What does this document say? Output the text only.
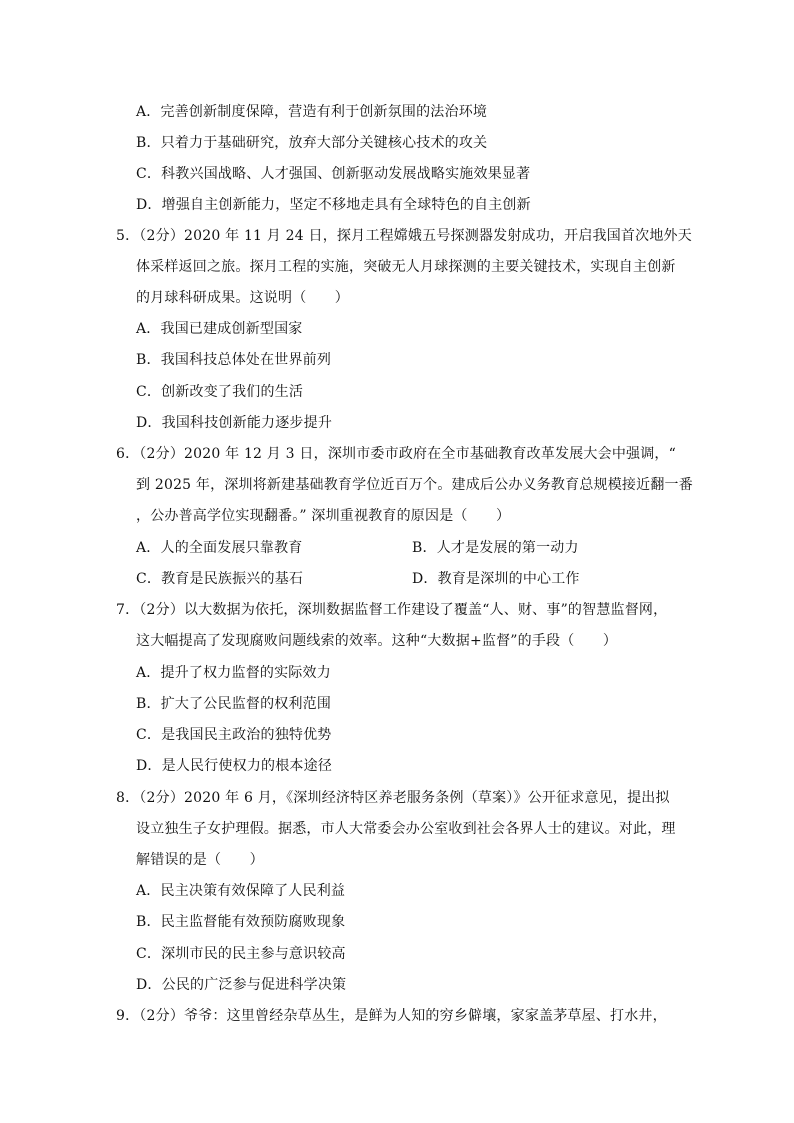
A．完善创新制度保障，营造有利于创新氛围的法治环境
B．只着力于基础研究，放弃大部分关键核心技术的攻关
C．科教兴国战略、人才强国、创新驱动发展战略实施效果显著
D．增强自主创新能力，坚定不移地走具有全球特色的自主创新
5．（2分）2020 年 11 月 24 日，探月工程嫦娥五号探测器发射成功，开启我国首次地外天
体采样返回之旅。探月工程的实施，突破无人月球探测的主要关键技术，实现自主创新
的月球科研成果。这说明（　　）
A．我国已建成创新型国家
B．我国科技总体处在世界前列
C．创新改变了我们的生活
D．我国科技创新能力逐步提升
6．（2分）2020 年 12 月 3 日，深圳市委市政府在全市基础教育改革发展大会中强调，“
到 2025 年，深圳将新建基础教育学位近百万个。建成后公办义务教育总规模接近翻一番
，公办普高学位实现翻番。” 深圳重视教育的原因是（　　）
A．人的全面发展只靠教育	B．人才是发展的第一动力
C．教育是民族振兴的基石	D．教育是深圳的中心工作
7．（2分）以大数据为依托，深圳数据监督工作建设了覆盖“人、财、事”的智慧监督网，
这大幅提高了发现腐败问题线索的效率。这种“大数据+监督”的手段（　　）
A．提升了权力监督的实际效力
B．扩大了公民监督的权利范围
C．是我国民主政治的独特优势
D．是人民行使权力的根本途径
8．（2分）2020 年 6 月，《深圳经济特区养老服务条例（草案）》公开征求意见，提出拟
设立独生子女护理假。据悉，市人大常委会办公室收到社会各界人士的建议。对此，理
解错误的是（　　）
A．民主决策有效保障了人民利益
B．民主监督能有效预防腐败现象
C．深圳市民的民主参与意识较高
D．公民的广泛参与促进科学决策
9．（2分）爷爷：这里曾经杂草丛生，是鲜为人知的穷乡僻壤，家家盖茅草屋、打水井，
